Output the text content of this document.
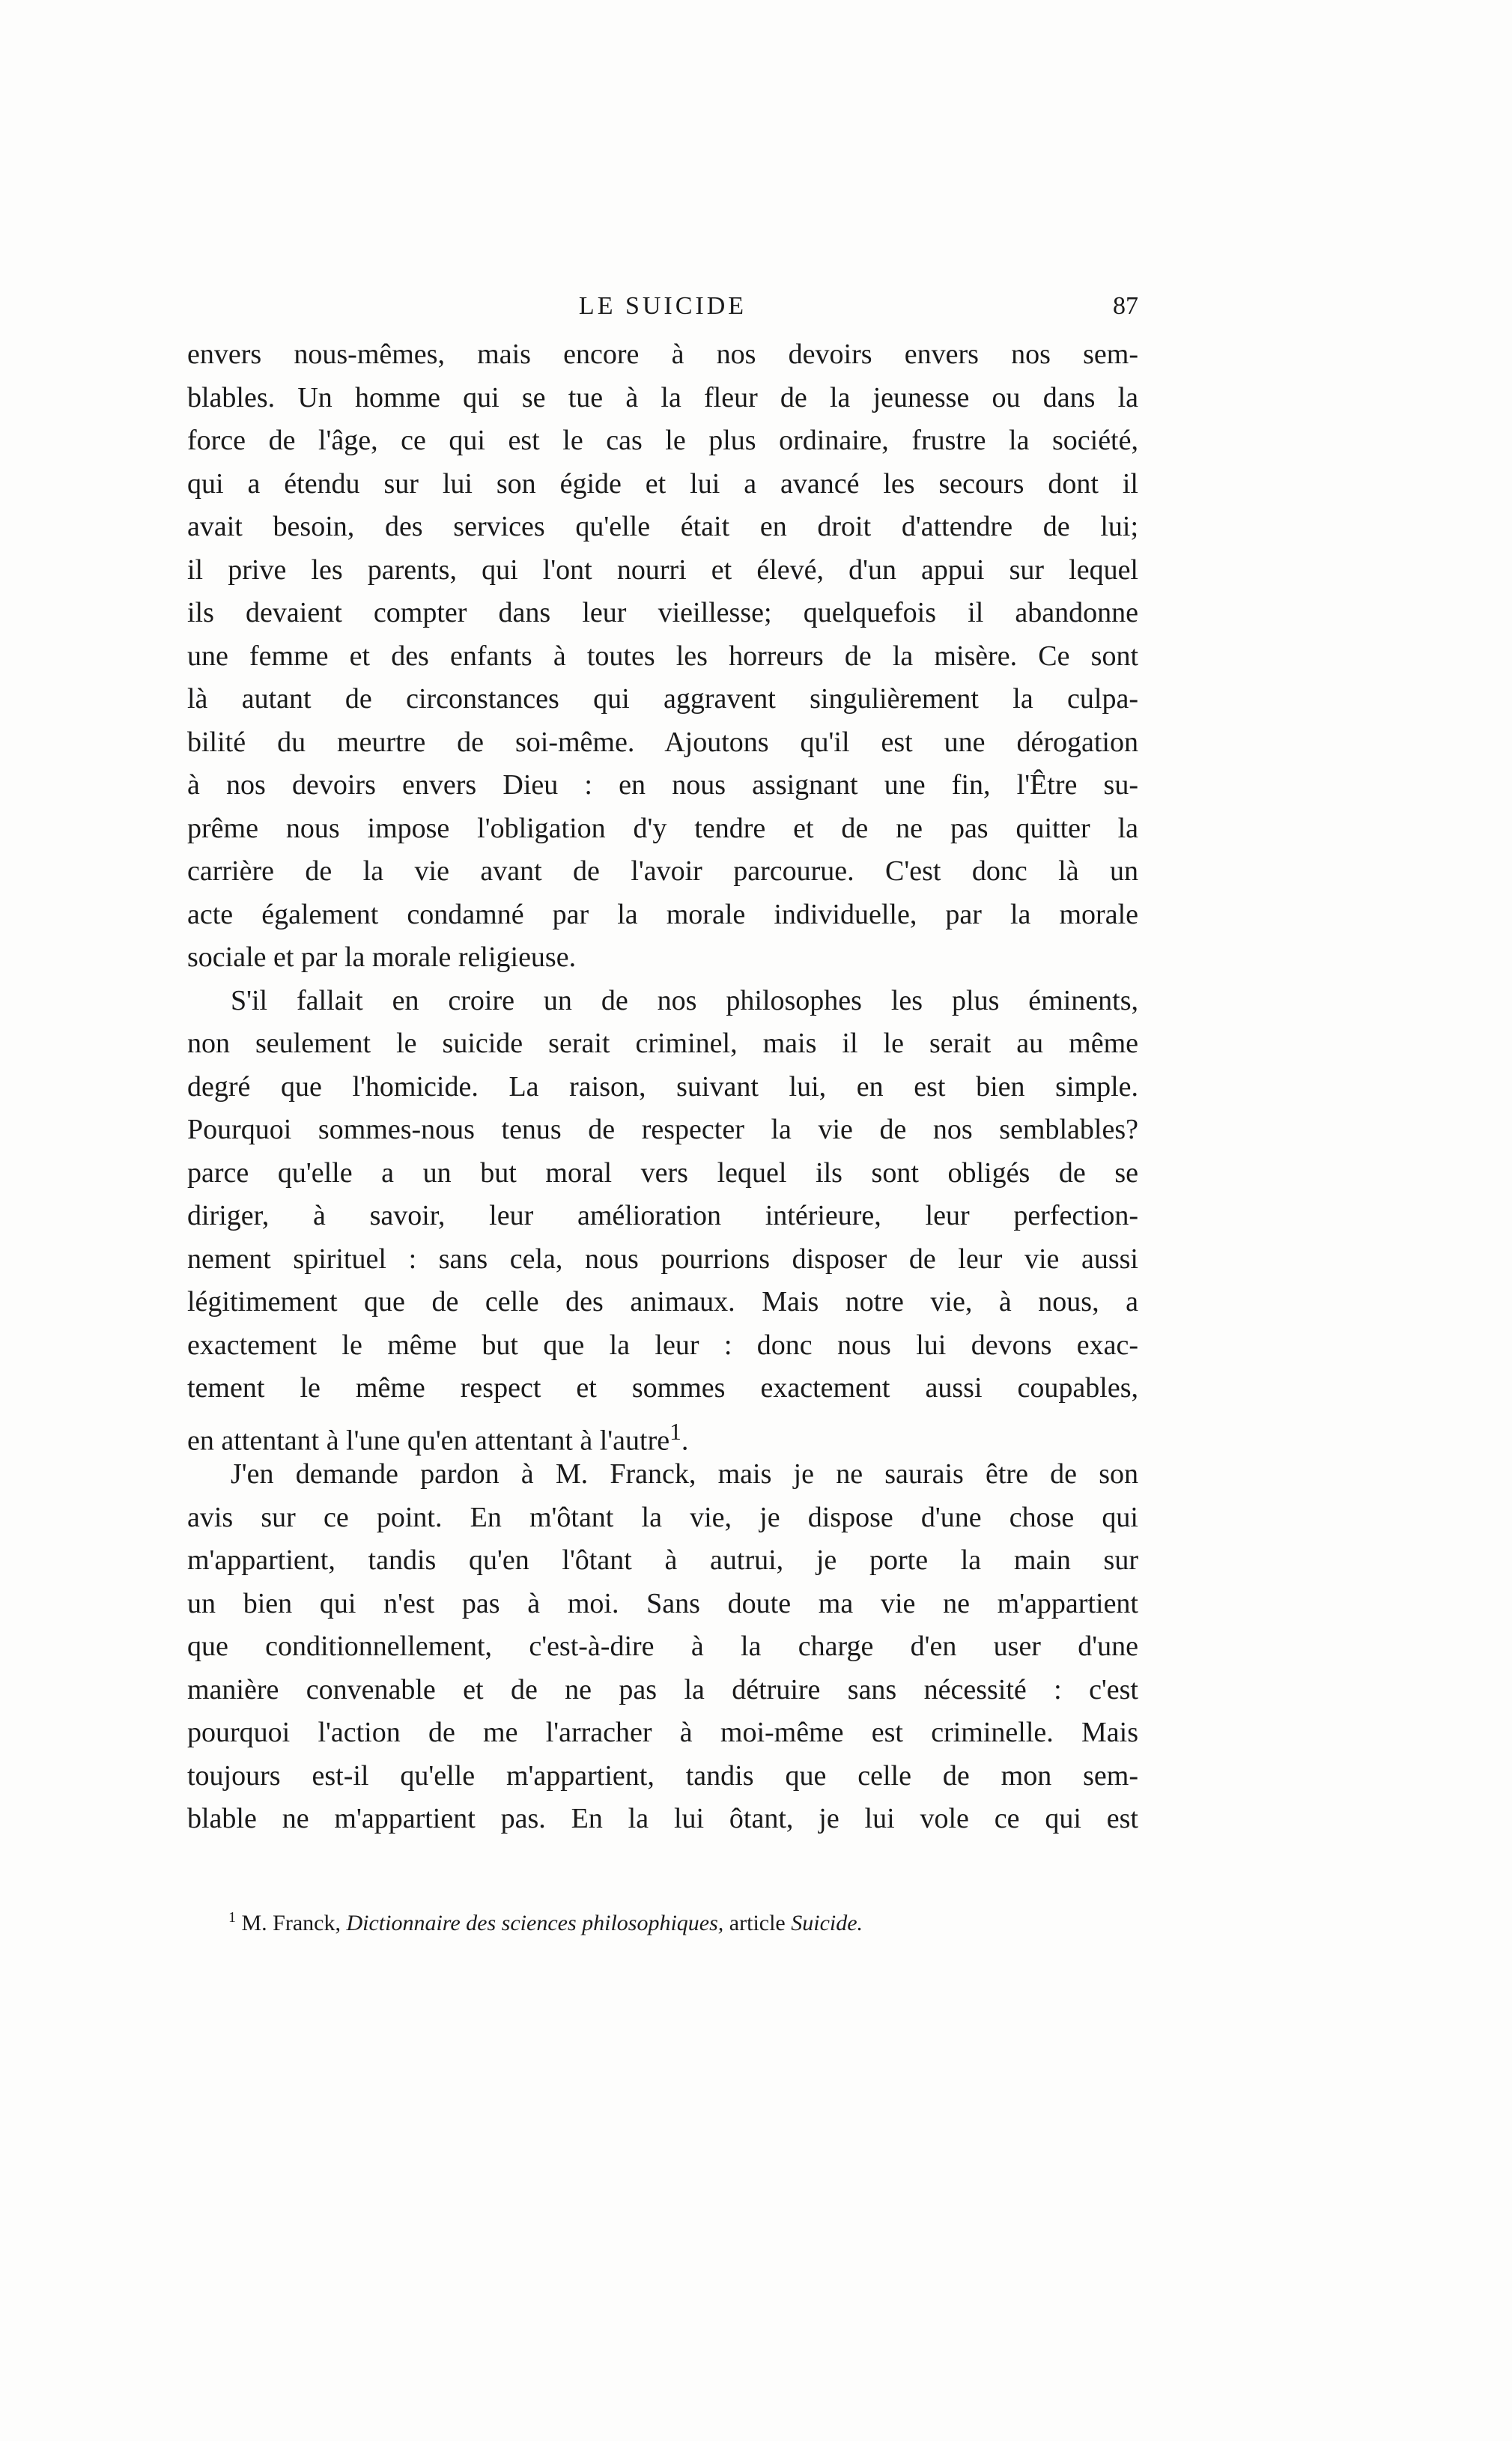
LE SUICIDE	87
envers nous-mêmes, mais encore à nos devoirs envers nos sem-
blables. Un homme qui se tue à la fleur de la jeunesse ou dans la
force de l'âge, ce qui est le cas le plus ordinaire, frustre la société,
qui a étendu sur lui son égide et lui a avancé les secours dont il
avait besoin, des services qu'elle était en droit d'attendre de lui;
il prive les parents, qui l'ont nourri et élevé, d'un appui sur lequel
ils devaient compter dans leur vieillesse; quelquefois il abandonne
une femme et des enfants à toutes les horreurs de la misère. Ce sont
là autant de circonstances qui aggravent singulièrement la culpa-
bilité du meurtre de soi-même. Ajoutons qu'il est une dérogation
à nos devoirs envers Dieu : en nous assignant une fin, l'Être su-
prême nous impose l'obligation d'y tendre et de ne pas quitter la
carrière de la vie avant de l'avoir parcourue. C'est donc là un
acte également condamné par la morale individuelle, par la morale
sociale et par la morale religieuse.
S'il fallait en croire un de nos philosophes les plus éminents,
non seulement le suicide serait criminel, mais il le serait au même
degré que l'homicide. La raison, suivant lui, en est bien simple.
Pourquoi sommes-nous tenus de respecter la vie de nos semblables?
parce qu'elle a un but moral vers lequel ils sont obligés de se
diriger, à savoir, leur amélioration intérieure, leur perfection-
nement spirituel : sans cela, nous pourrions disposer de leur vie aussi
légitimement que de celle des animaux. Mais notre vie, à nous, a
exactement le même but que la leur : donc nous lui devons exac-
tement le même respect et sommes exactement aussi coupables,
en attentant à l'une qu'en attentant à l'autre$^1$.
J'en demande pardon à M. Franck, mais je ne saurais être de son
avis sur ce point. En m'ôtant la vie, je dispose d'une chose qui
m'appartient, tandis qu'en l'ôtant à autrui, je porte la main sur
un bien qui n'est pas à moi. Sans doute ma vie ne m'appartient
que conditionnellement, c'est-à-dire à la charge d'en user d'une
manière convenable et de ne pas la détruire sans nécessité : c'est
pourquoi l'action de me l'arracher à moi-même est criminelle. Mais
toujours est-il qu'elle m'appartient, tandis que celle de mon sem-
blable ne m'appartient pas. En la lui ôtant, je lui vole ce qui est
$^1$ M. Franck, Dictionnaire des sciences philosophiques, article Suicide.
